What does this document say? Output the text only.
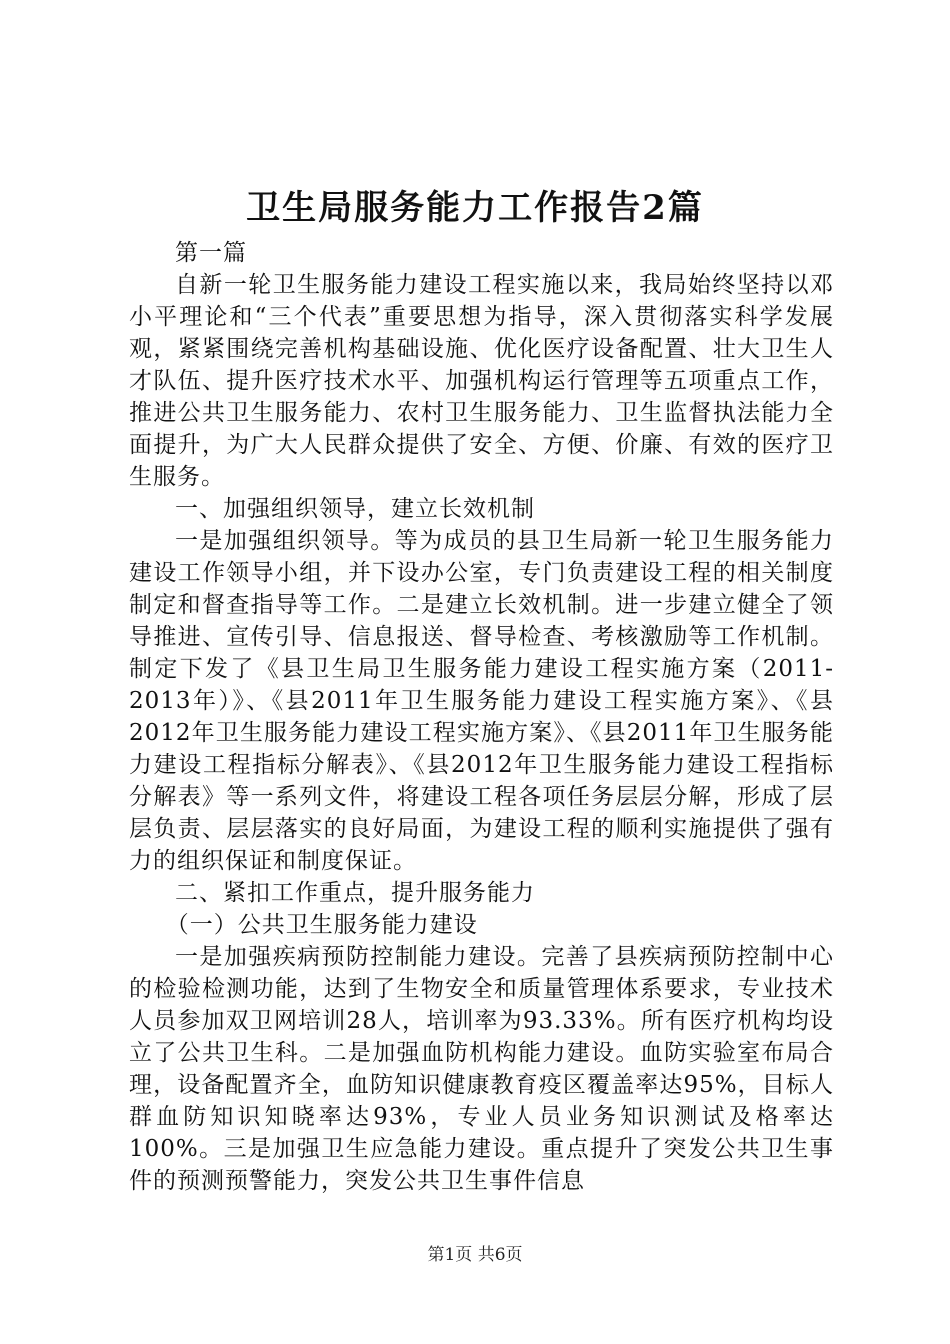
卫生局服务能力工作报告2篇

第一篇

自新一轮卫生服务能力建设工程实施以来，我局始终坚持以邓小平理论和“三个代表”重要思想为指导，深入贯彻落实科学发展观，紧紧围绕完善机构基础设施、优化医疗设备配置、壮大卫生人才队伍、提升医疗技术水平、加强机构运行管理等五项重点工作，推进公共卫生服务能力、农村卫生服务能力、卫生监督执法能力全面提升，为广大人民群众提供了安全、方便、价廉、有效的医疗卫生服务。

一、加强组织领导，建立长效机制

一是加强组织领导。等为成员的县卫生局新一轮卫生服务能力建设工作领导小组，并下设办公室，专门负责建设工程的相关制度制定和督查指导等工作。二是建立长效机制。进一步建立健全了领导推进、宣传引导、信息报送、督导检查、考核激励等工作机制。制定下发了《县卫生局卫生服务能力建设工程实施方案（2011-2013年）》、《县2011年卫生服务能力建设工程实施方案》、《县2012年卫生服务能力建设工程实施方案》、《县2011年卫生服务能力建设工程指标分解表》、《县2012年卫生服务能力建设工程指标分解表》等一系列文件，将建设工程各项任务层层分解，形成了层层负责、层层落实的良好局面，为建设工程的顺利实施提供了强有力的组织保证和制度保证。

二、紧扣工作重点，提升服务能力

（一）公共卫生服务能力建设

一是加强疾病预防控制能力建设。完善了县疾病预防控制中心的检验检测功能，达到了生物安全和质量管理体系要求，专业技术人员参加双卫网培训28人，培训率为93.33%。所有医疗机构均设立了公共卫生科。二是加强血防机构能力建设。血防实验室布局合理，设备配置齐全，血防知识健康教育疫区覆盖率达95%，目标人群血防知识知晓率达93%，专业人员业务知识测试及格率达100%。三是加强卫生应急能力建设。重点提升了突发公共卫生事件的预测预警能力，突发公共卫生事件信息

第1页 共6页
